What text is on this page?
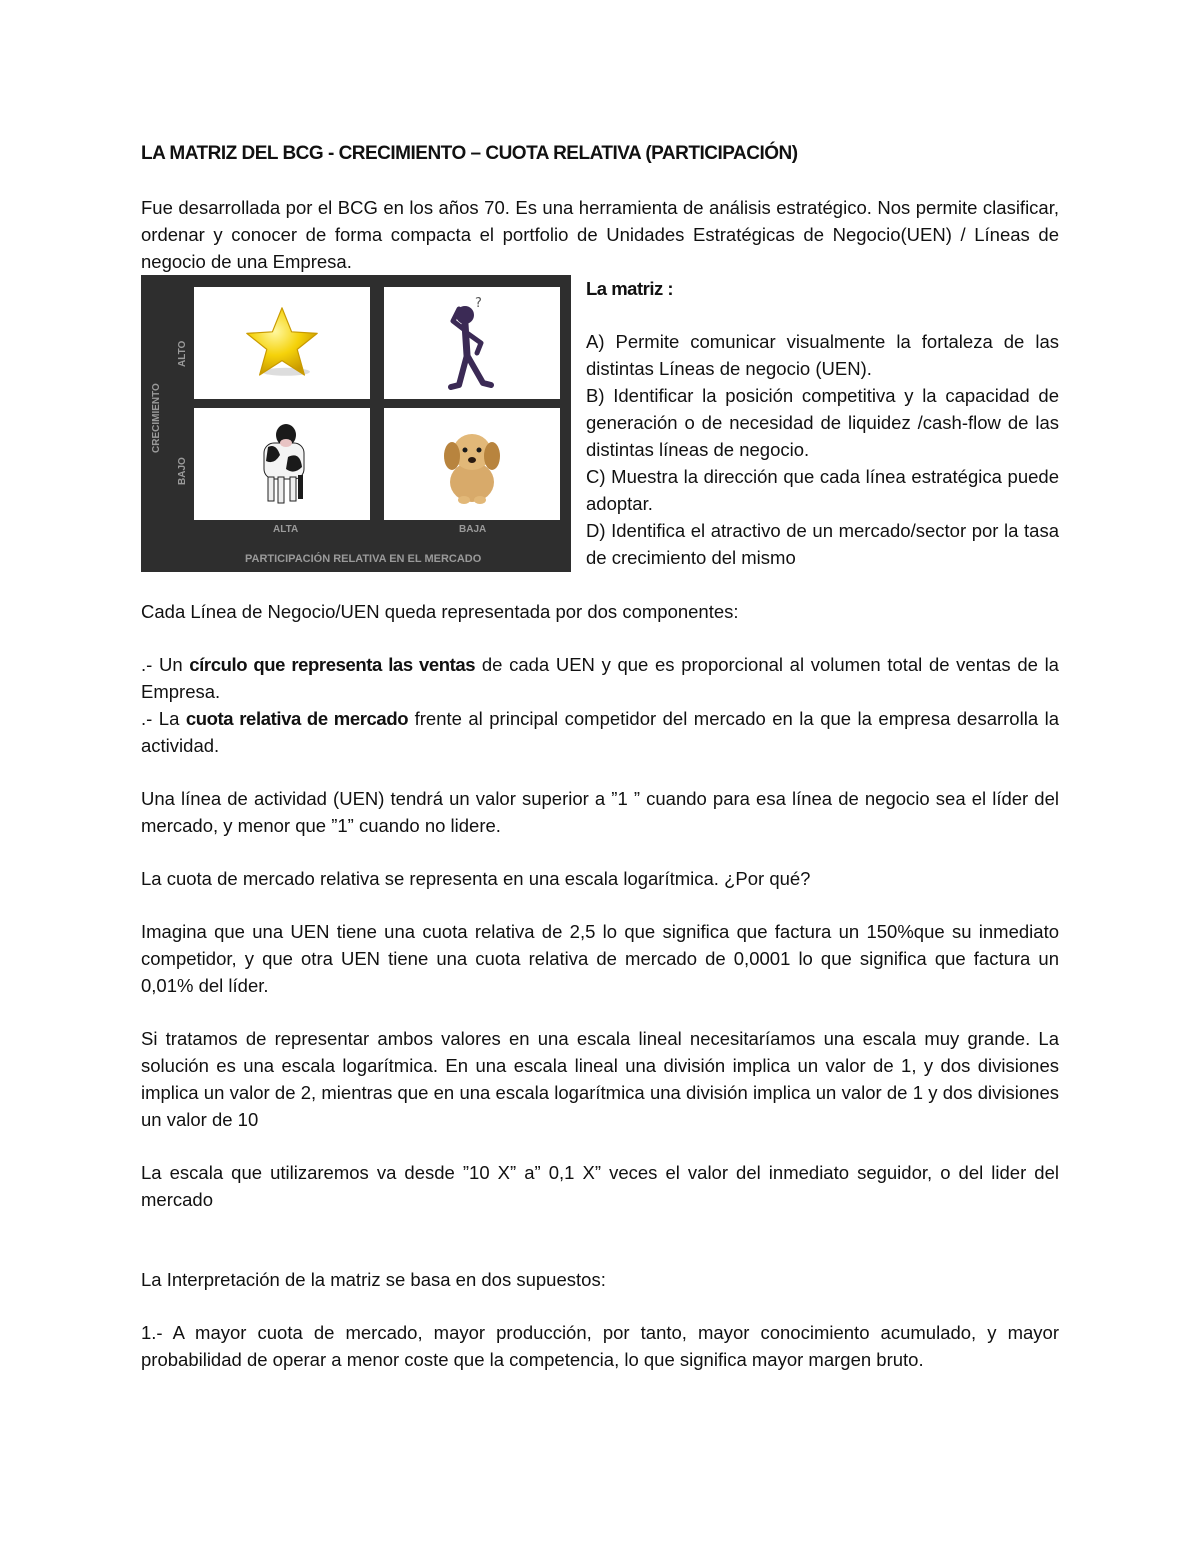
LA MATRIZ DEL BCG - CRECIMIENTO – CUOTA RELATIVA (PARTICIPACIÓN)

Fue desarrollada por el BCG en los años 70. Es una herramienta de análisis estratégico. Nos permite clasificar, ordenar y conocer de forma compacta el portfolio de Unidades Estratégicas de Negocio(UEN) / Líneas de negocio de una Empresa.

?
CRECIMIENTO
ALTO
BAJO
ALTA	BAJA
PARTICIPACIÓN RELATIVA EN EL MERCADO

La matriz :

A) Permite comunicar visualmente la fortaleza de las distintas Líneas de negocio (UEN).

B) Identificar la posición competitiva y la capacidad de generación o de necesidad de liquidez /cash-flow de las distintas líneas de negocio.

C) Muestra la dirección que cada línea estratégica puede adoptar.

D) Identifica el atractivo de un mercado/sector por la tasa de crecimiento del mismo

Cada Línea de Negocio/UEN queda representada por dos componentes:

.- Un círculo que representa las ventas de cada UEN y que es proporcional al volumen total de ventas de la Empresa.

.- La cuota relativa de mercado frente al principal competidor del mercado en la que la empresa desarrolla la actividad.

Una línea de actividad (UEN) tendrá un valor superior a ”1 ” cuando para esa línea de negocio sea el líder del mercado, y menor que ”1” cuando no lidere.

La cuota de mercado relativa se representa en una escala logarítmica. ¿Por qué?

Imagina que una UEN tiene una cuota relativa de 2,5 lo que significa que factura un 150%que su inmediato competidor, y que otra UEN tiene una cuota relativa de mercado de 0,0001 lo que significa que factura un 0,01% del líder.

Si tratamos de representar ambos valores en una escala lineal necesitaríamos una escala muy grande. La solución es una escala logarítmica. En una escala lineal una división implica un valor de 1, y dos divisiones implica un valor de 2, mientras que en una escala logarítmica una división implica un valor de 1 y dos divisiones un valor de 10

La escala que utilizaremos va desde ”10 X” a” 0,1 X” veces el valor del inmediato seguidor, o del lider del mercado

La Interpretación de la matriz se basa en dos supuestos:

1.- A mayor cuota de mercado, mayor producción, por tanto, mayor conocimiento acumulado, y mayor probabilidad de operar a menor coste que la competencia, lo que significa mayor margen bruto.
